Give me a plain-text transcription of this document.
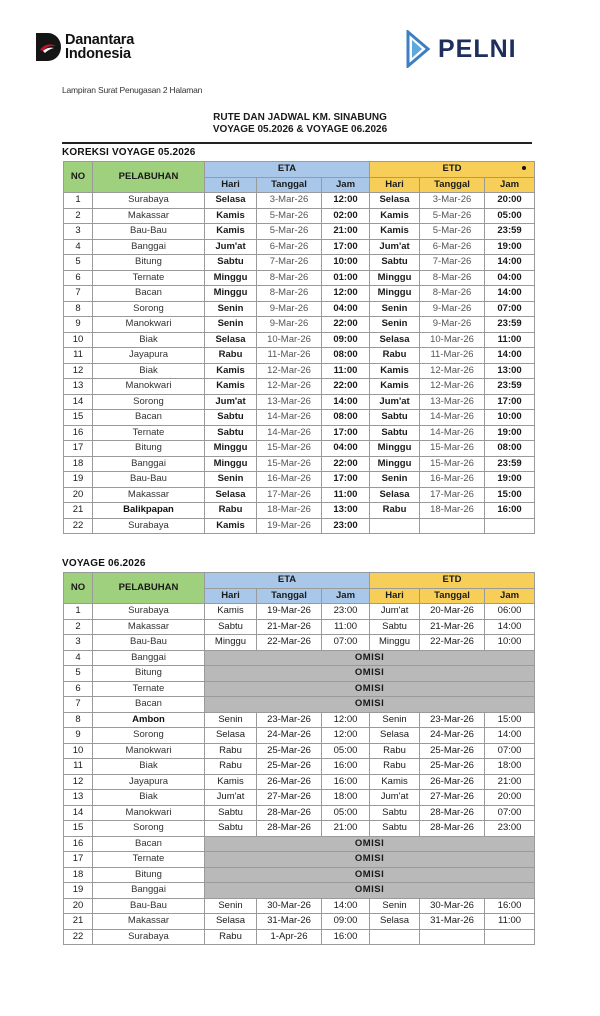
Danantara
Indonesia	PELNI
Lampiran Surat Penugasan 2 Halaman
RUTE DAN JADWAL KM. SINABUNG
VOYAGE 05.2026 & VOYAGE 06.2026
KOREKSI VOYAGE 05.2026
NO	PELABUHAN	ETA			ETD		

		Hari	Tanggal	Jam	Hari	Tanggal	Jam
1	Surabaya	Selasa	3-Mar-26	12:00	Selasa	3-Mar-26	20:00
2	Makassar	Kamis	5-Mar-26	02:00	Kamis	5-Mar-26	05:00
3	Bau-Bau	Kamis	5-Mar-26	21:00	Kamis	5-Mar-26	23:59
4	Banggai	Jum'at	6-Mar-26	17:00	Jum'at	6-Mar-26	19:00
5	Bitung	Sabtu	7-Mar-26	10:00	Sabtu	7-Mar-26	14:00
6	Ternate	Minggu	8-Mar-26	01:00	Minggu	8-Mar-26	04:00
7	Bacan	Minggu	8-Mar-26	12:00	Minggu	8-Mar-26	14:00
8	Sorong	Senin	9-Mar-26	04:00	Senin	9-Mar-26	07:00
9	Manokwari	Senin	9-Mar-26	22:00	Senin	9-Mar-26	23:59
10	Biak	Selasa	10-Mar-26	09:00	Selasa	10-Mar-26	11:00
11	Jayapura	Rabu	11-Mar-26	08:00	Rabu	11-Mar-26	14:00
12	Biak	Kamis	12-Mar-26	11:00	Kamis	12-Mar-26	13:00
13	Manokwari	Kamis	12-Mar-26	22:00	Kamis	12-Mar-26	23:59
14	Sorong	Jum'at	13-Mar-26	14:00	Jum'at	13-Mar-26	17:00
15	Bacan	Sabtu	14-Mar-26	08:00	Sabtu	14-Mar-26	10:00
16	Ternate	Sabtu	14-Mar-26	17:00	Sabtu	14-Mar-26	19:00
17	Bitung	Minggu	15-Mar-26	04:00	Minggu	15-Mar-26	08:00
18	Banggai	Minggu	15-Mar-26	22:00	Minggu	15-Mar-26	23:59
19	Bau-Bau	Senin	16-Mar-26	17:00	Senin	16-Mar-26	19:00
20	Makassar	Selasa	17-Mar-26	11:00	Selasa	17-Mar-26	15:00
21	Balikpapan	Rabu	18-Mar-26	13:00	Rabu	18-Mar-26	16:00
22	Surabaya	Kamis	19-Mar-26	23:00			
VOYAGE 06.2026
NO	PELABUHAN	ETA			ETD		
		Hari	Tanggal	Jam	Hari	Tanggal	Jam
1	Surabaya	Kamis	19-Mar-26	23:00	Jum'at	20-Mar-26	06:00
2	Makassar	Sabtu	21-Mar-26	11:00	Sabtu	21-Mar-26	14:00
3	Bau-Bau	Minggu	22-Mar-26	07:00	Minggu	22-Mar-26	10:00
4	Banggai	OMISI					
5	Bitung	OMISI					
6	Ternate	OMISI					
7	Bacan	OMISI					
8	Ambon	Senin	23-Mar-26	12:00	Senin	23-Mar-26	15:00
9	Sorong	Selasa	24-Mar-26	12:00	Selasa	24-Mar-26	14:00
10	Manokwari	Rabu	25-Mar-26	05:00	Rabu	25-Mar-26	07:00
11	Biak	Rabu	25-Mar-26	16:00	Rabu	25-Mar-26	18:00
12	Jayapura	Kamis	26-Mar-26	16:00	Kamis	26-Mar-26	21:00
13	Biak	Jum'at	27-Mar-26	18:00	Jum'at	27-Mar-26	20:00
14	Manokwari	Sabtu	28-Mar-26	05:00	Sabtu	28-Mar-26	07:00
15	Sorong	Sabtu	28-Mar-26	21:00	Sabtu	28-Mar-26	23:00
16	Bacan	OMISI					
17	Ternate	OMISI					
18	Bitung	OMISI					
19	Banggai	OMISI					
20	Bau-Bau	Senin	30-Mar-26	14:00	Senin	30-Mar-26	16:00
21	Makassar	Selasa	31-Mar-26	09:00	Selasa	31-Mar-26	11:00
22	Surabaya	Rabu	1-Apr-26	16:00			
